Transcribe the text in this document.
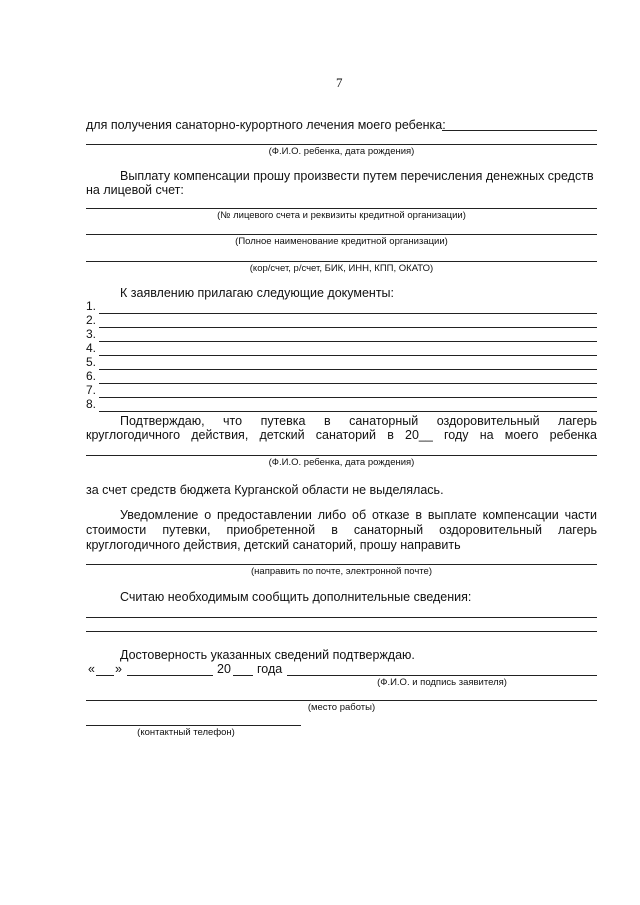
7
для получения санаторно-курортного лечения моего ребенка:
(Ф.И.О. ребенка, дата рождения)
Выплату компенсации прошу произвести путем перечисления денежных средств
на лицевой счет:
(№ лицевого счета и реквизиты кредитной организации)
(Полное наименование кредитной организации)
(кор/счет, р/счет, БИК, ИНН, КПП, ОКАТО)
К заявлению прилагаю следующие документы:
1.
2.
3.
4.
5.
6.
7.
8.
Подтверждаю, что путевка в санаторный оздоровительный лагерь
круглогодичного действия, детский санаторий в 20__ году на моего ребенка
(Ф.И.О. ребенка, дата рождения)
за счет средств бюджета Курганской области не выделялась.
Уведомление о предоставлении либо об отказе в выплате компенсации части
стоимости путевки, приобретенной в санаторный оздоровительный лагерь
круглогодичного действия, детский санаторий, прошу направить
(направить по почте, электронной почте)
Считаю необходимым сообщить дополнительные сведения:
Достоверность указанных сведений подтверждаю.
« »	20 года
(Ф.И.О. и подпись заявителя)
(место работы)
(контактный телефон)
